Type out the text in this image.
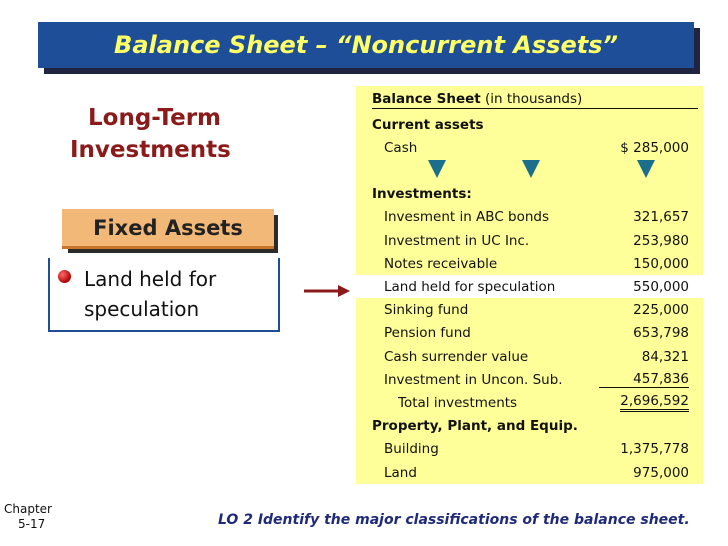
Balance Sheet – “Noncurrent Assets”
Long-Term
Investments
Fixed Assets
Land held for
speculation
Balance Sheet (in thousands)
Current assets
Cash	$ 285,000
Investments:
Invesment in ABC bonds	321,657
Investment in UC Inc.	253,980
Notes receivable	150,000
Land held for speculation	550,000
Sinking fund	225,000
Pension fund	653,798
Cash surrender value	84,321
Investment in Uncon. Sub.	457,836
Total investments	2,696,592
Property, Plant, and Equip.
Building	1,375,778
Land	975,000
Chapter
5-17	LO 2 Identify the major classifications of the balance sheet.
